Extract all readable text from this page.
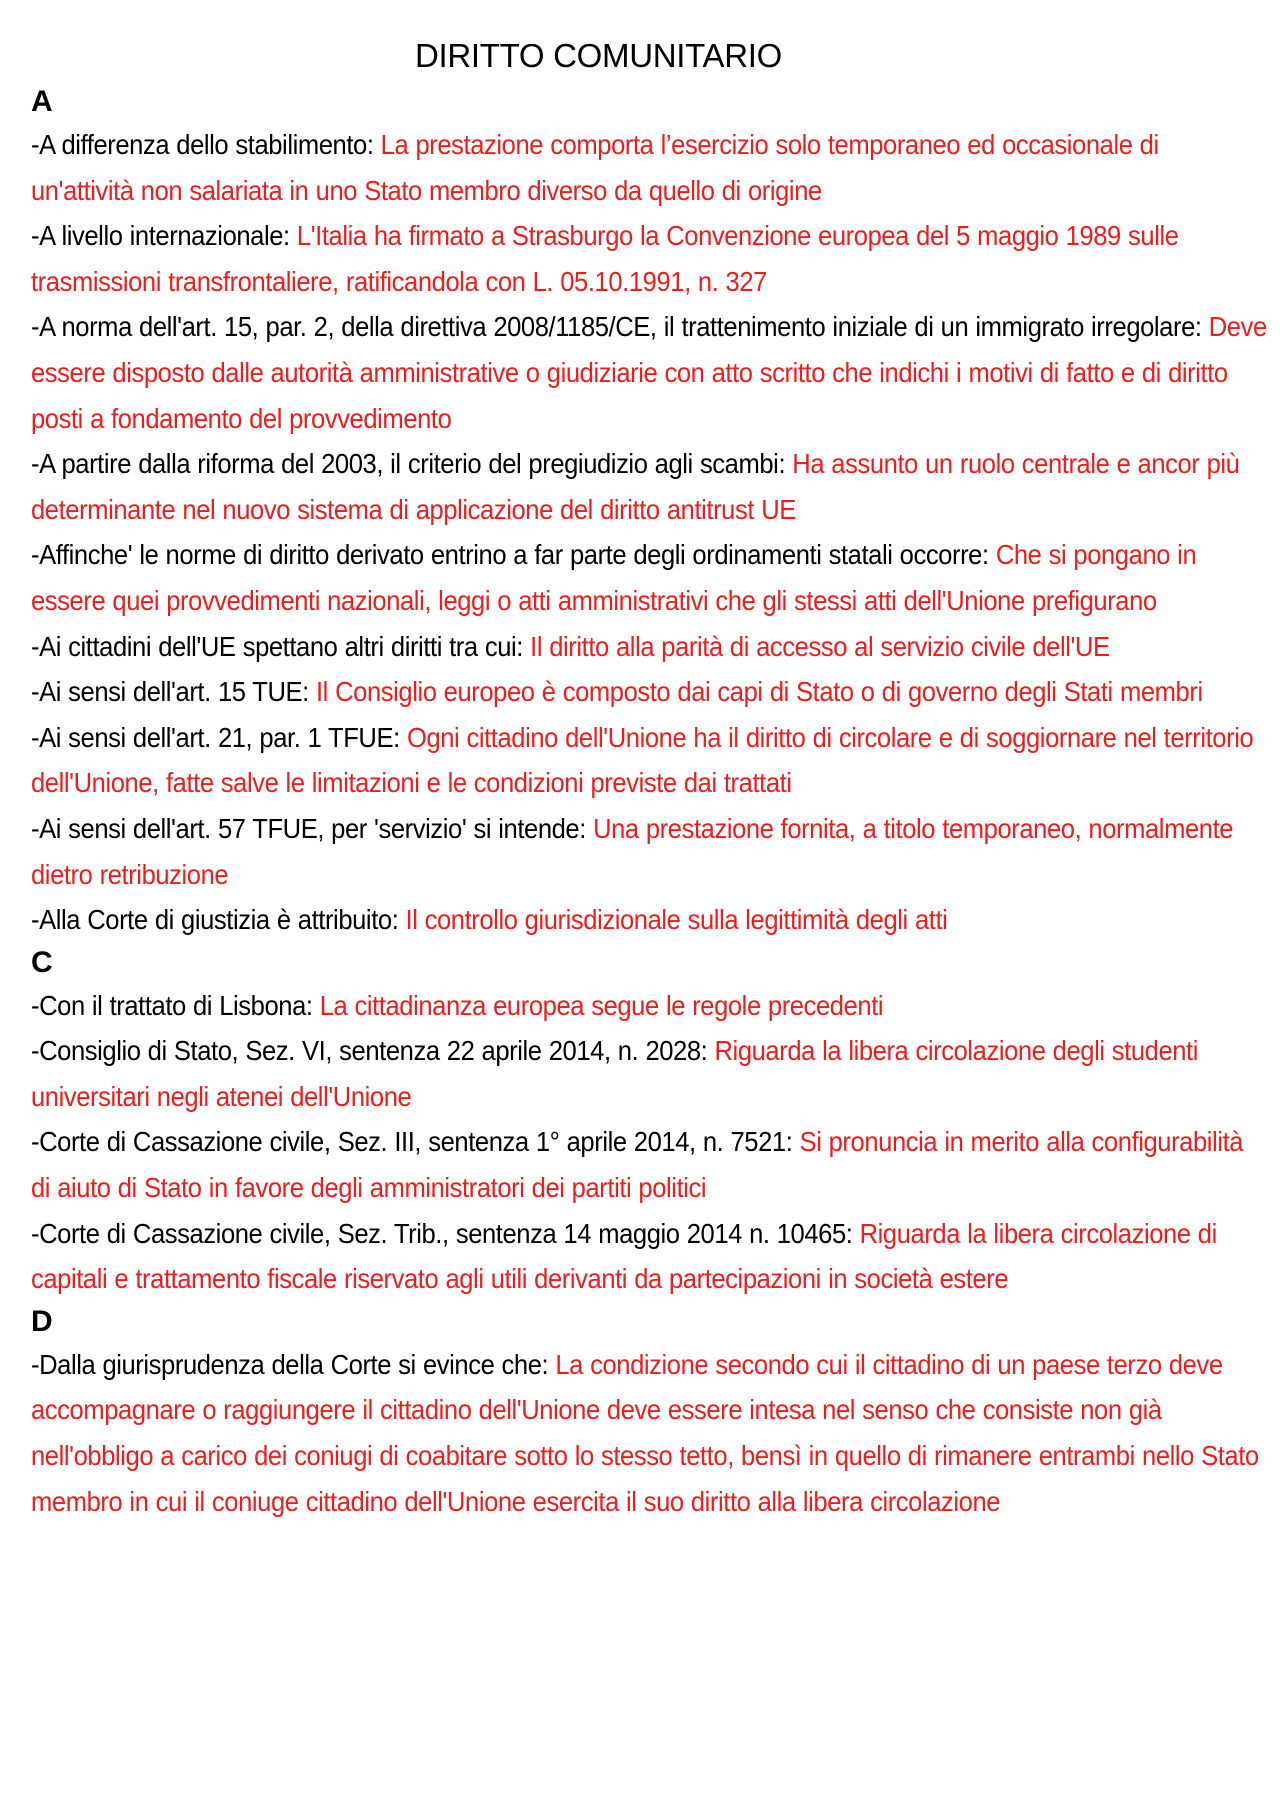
DIRITTO COMUNITARIO
A

-A differenza dello stabilimento: La prestazione comporta l’esercizio solo temporaneo ed occasionale di un'attività non salariata in uno Stato membro diverso da quello di origine

-A livello internazionale: L'Italia ha firmato a Strasburgo la Convenzione europea del 5 maggio 1989 sulle trasmissioni transfrontaliere, ratificandola con L. 05.10.1991, n. 327

-A norma dell'art. 15, par. 2, della direttiva 2008/1185/CE, il trattenimento iniziale di un immigrato irregolare: Deve essere disposto dalle autorità amministrative o giudiziarie con atto scritto che indichi i motivi di fatto e di diritto posti a fondamento del provvedimento

-A partire dalla riforma del 2003, il criterio del pregiudizio agli scambi: Ha assunto un ruolo centrale e ancor più determinante nel nuovo sistema di applicazione del diritto antitrust UE

-Affinche' le norme di diritto derivato entrino a far parte degli ordinamenti statali occorre: Che si pongano in essere quei provvedimenti nazionali, leggi o atti amministrativi che gli stessi atti dell'Unione prefigurano

-Ai cittadini dell'UE spettano altri diritti tra cui: Il diritto alla parità di accesso al servizio civile dell'UE

-Ai sensi dell'art. 15 TUE: Il Consiglio europeo è composto dai capi di Stato o di governo degli Stati membri

-Ai sensi dell'art. 21, par. 1 TFUE: Ogni cittadino dell'Unione ha il diritto di circolare e di soggiornare nel territorio dell'Unione, fatte salve le limitazioni e le condizioni previste dai trattati

-Ai sensi dell'art. 57 TFUE, per 'servizio' si intende: Una prestazione fornita, a titolo temporaneo, normalmente dietro retribuzione

-Alla Corte di giustizia è attribuito: Il controllo giurisdizionale sulla legittimità degli atti

C

-Con il trattato di Lisbona: La cittadinanza europea segue le regole precedenti

-Consiglio di Stato, Sez. VI, sentenza 22 aprile 2014, n. 2028: Riguarda la libera circolazione degli studenti universitari negli atenei dell'Unione

-Corte di Cassazione civile, Sez. III, sentenza 1° aprile 2014, n. 7521: Si pronuncia in merito alla configurabilità di aiuto di Stato in favore degli amministratori dei partiti politici

-Corte di Cassazione civile, Sez. Trib., sentenza 14 maggio 2014 n. 10465: Riguarda la libera circolazione di capitali e trattamento fiscale riservato agli utili derivanti da partecipazioni in società estere

D

-Dalla giurisprudenza della Corte si evince che: La condizione secondo cui il cittadino di un paese terzo deve accompagnare o raggiungere il cittadino dell'Unione deve essere intesa nel senso che consiste non già nell'obbligo a carico dei coniugi di coabitare sotto lo stesso tetto, bensì in quello di rimanere entrambi nello Stato membro in cui il coniuge cittadino dell'Unione esercita il suo diritto alla libera circolazione
